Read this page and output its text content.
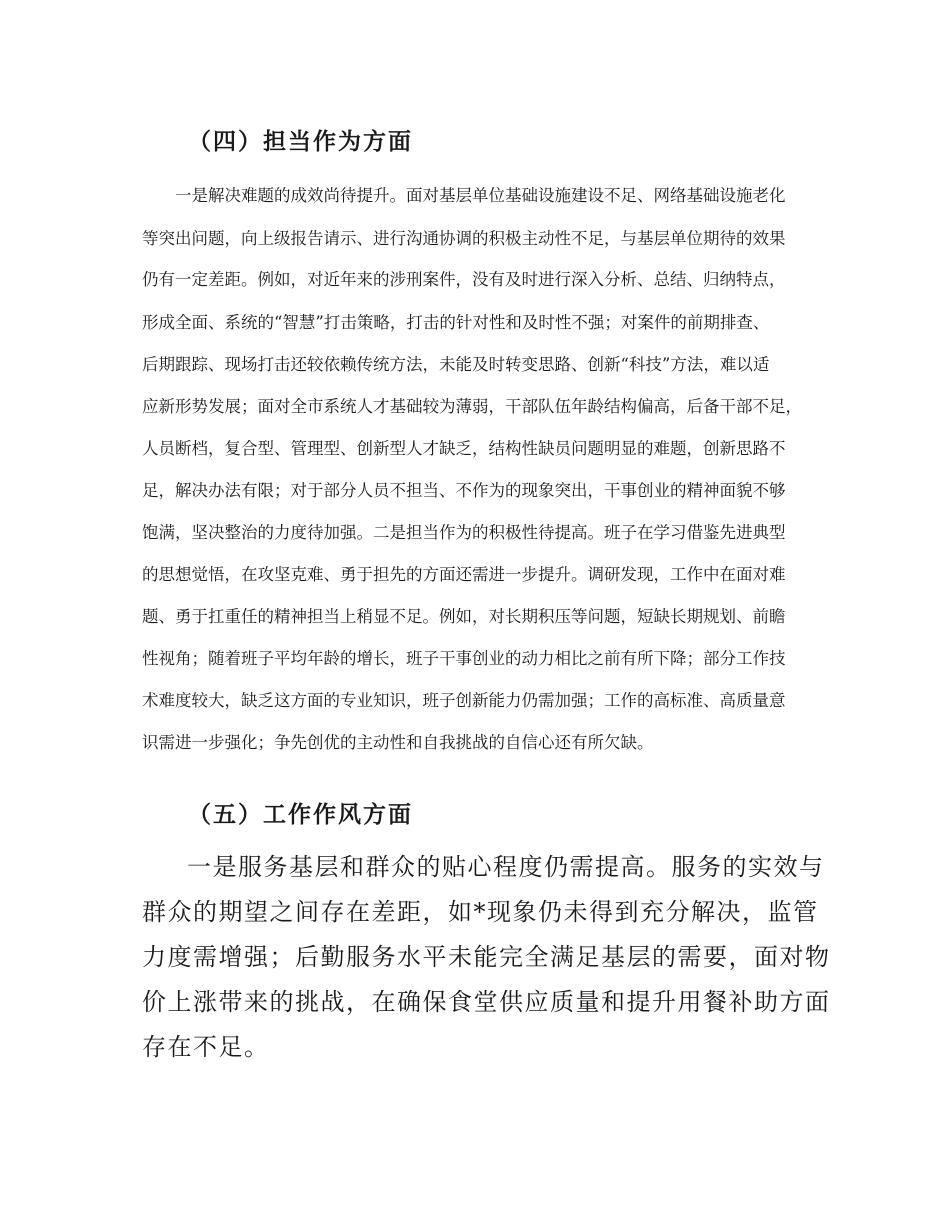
（四）担当作为方面

一是解决难题的成效尚待提升。面对基层单位基础设施建设不足、网络基础设施老化

等突出问题，向上级报告请示、进行沟通协调的积极主动性不足，与基层单位期待的效果

仍有一定差距。例如，对近年来的涉刑案件，没有及时进行深入分析、总结、归纳特点，

形成全面、系统的“智慧”打击策略，打击的针对性和及时性不强；对案件的前期排查、

后期跟踪、现场打击还较依赖传统方法，未能及时转变思路、创新“科技”方法，难以适

应新形势发展；面对全市系统人才基础较为薄弱，干部队伍年龄结构偏高，后备干部不足，

人员断档，复合型、管理型、创新型人才缺乏，结构性缺员问题明显的难题，创新思路不

足，解决办法有限；对于部分人员不担当、不作为的现象突出，干事创业的精神面貌不够

饱满，坚决整治的力度待加强。二是担当作为的积极性待提高。班子在学习借鉴先进典型

的思想觉悟，在攻坚克难、勇于担先的方面还需进一步提升。调研发现，工作中在面对难

题、勇于扛重任的精神担当上稍显不足。例如，对长期积压等问题，短缺长期规划、前瞻

性视角；随着班子平均年龄的增长，班子干事创业的动力相比之前有所下降；部分工作技

术难度较大，缺乏这方面的专业知识，班子创新能力仍需加强；工作的高标准、高质量意

识需进一步强化；争先创优的主动性和自我挑战的自信心还有所欠缺。

（五）工作作风方面

一是服务基层和群众的贴心程度仍需提高。服务的实效与

群众的期望之间存在差距，如*现象仍未得到充分解决，监管

力度需增强；后勤服务水平未能完全满足基层的需要，面对物

价上涨带来的挑战，在确保食堂供应质量和提升用餐补助方面

存在不足。
